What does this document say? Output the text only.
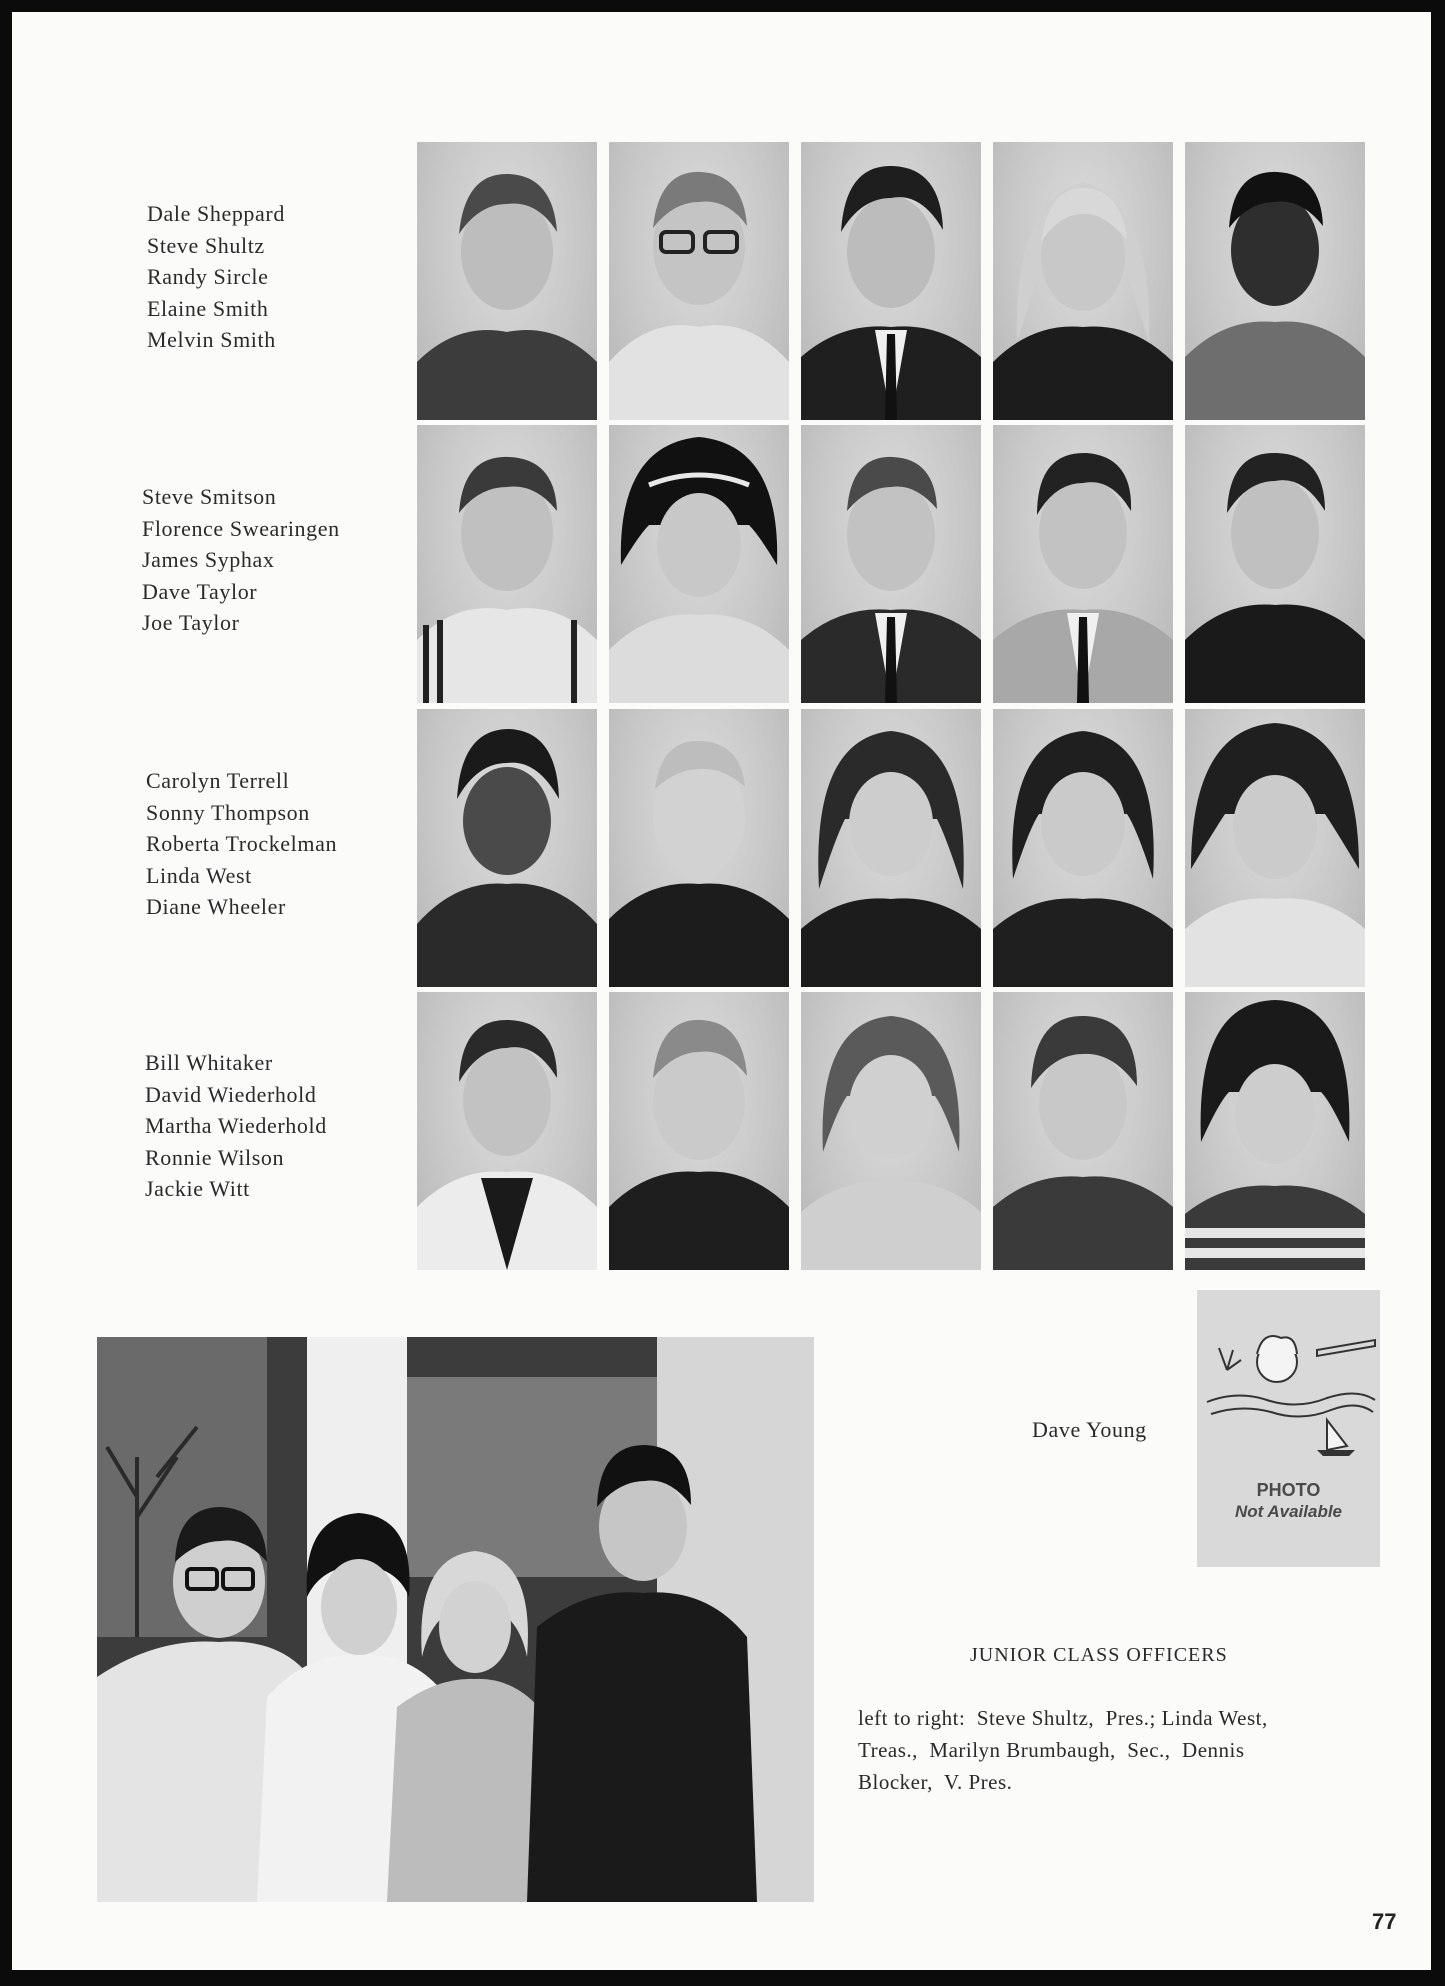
Dale Sheppard
Steve Shultz
Randy Sircle
Elaine Smith
Melvin Smith
Steve Smitson
Florence Swearingen
James Syphax
Dave Taylor
Joe Taylor
Carolyn Terrell
Sonny Thompson
Roberta Trockelman
Linda West
Diane Wheeler
Bill Whitaker
David Wiederhold
Martha Wiederhold
Ronnie Wilson
Jackie Witt
Dave Young
PHOTO
Not Available
JUNIOR CLASS OFFICERS
left to right:  Steve Shultz,  Pres.; Linda West,
Treas.,  Marilyn Brumbaugh,  Sec.,  Dennis
Blocker,  V. Pres.
77
